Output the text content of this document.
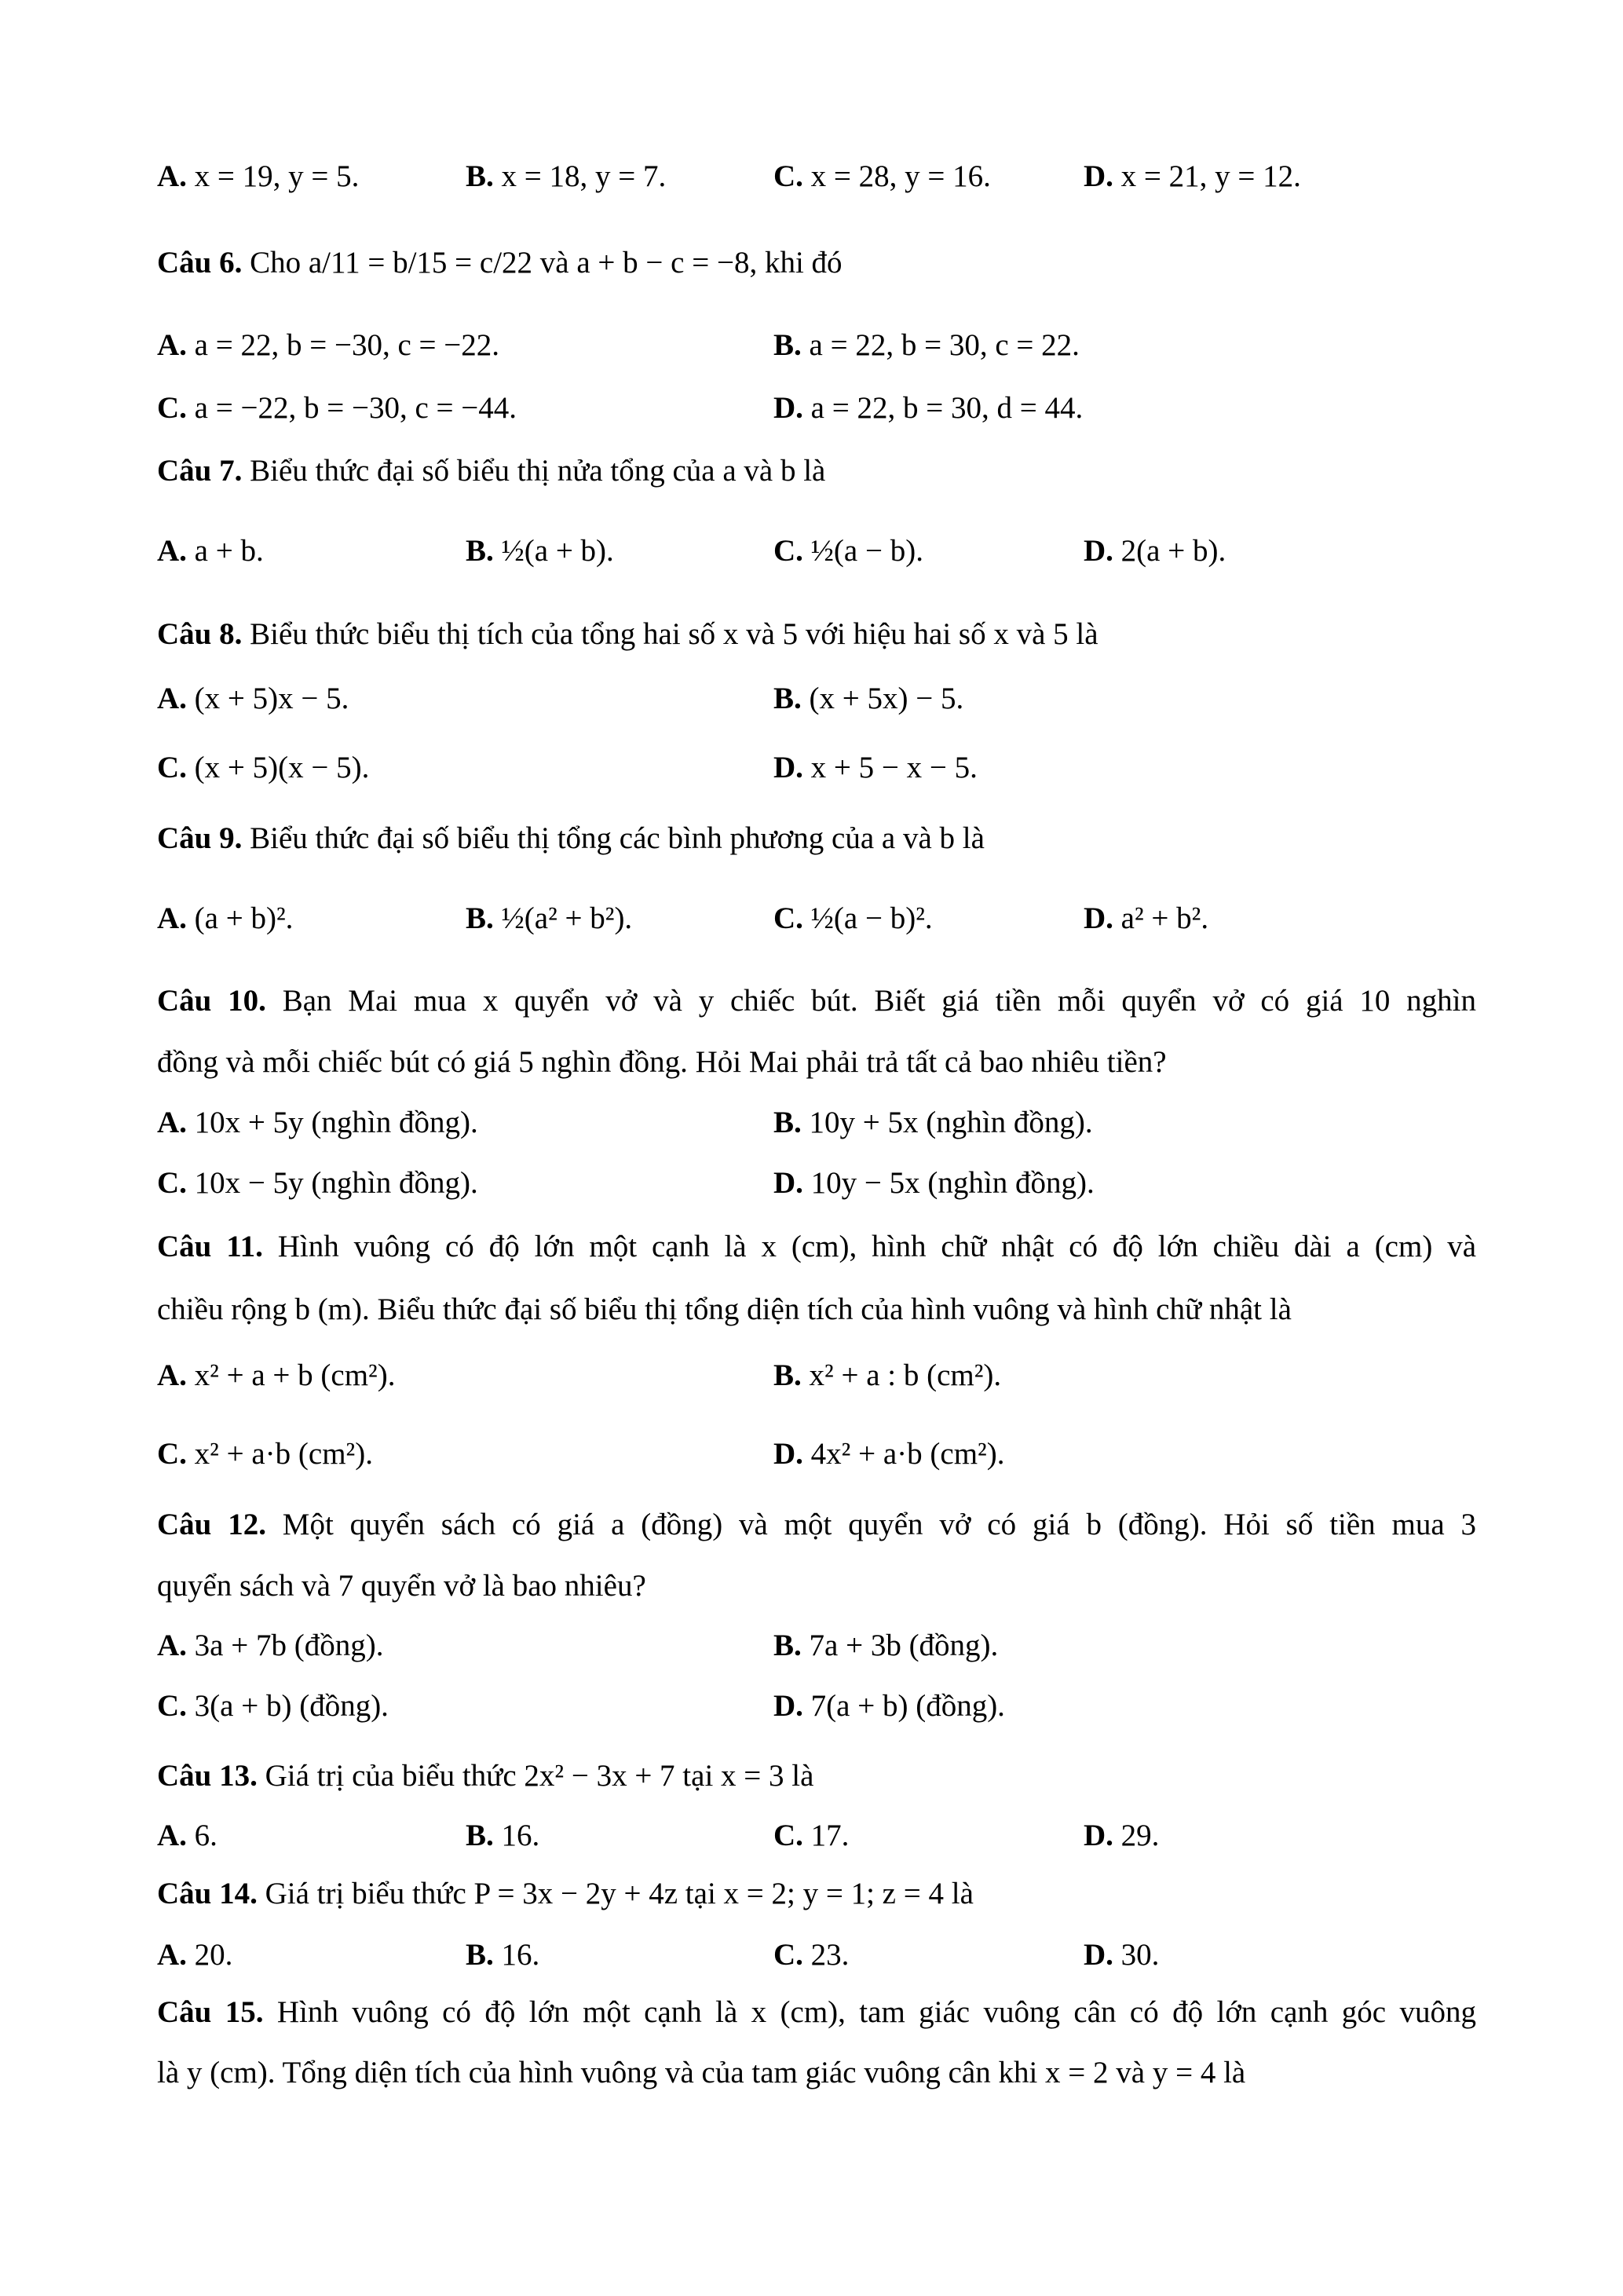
A. x = 19, y = 5.	B. x = 18, y = 7.	C. x = 28, y = 16.	D. x = 21, y = 12.
Câu 6. Cho a/11 = b/15 = c/22 và a + b − c = −8, khi đó
A. a = 22, b = −30, c = −22.	B. a = 22, b = 30, c = 22.
C. a = −22, b = −30, c = −44.	D. a = 22, b = 30, d = 44.
Câu 7. Biểu thức đại số biểu thị nửa tổng của a và b là
A. a + b.	B. ½(a + b).	C. ½(a − b).	D. 2(a + b).
Câu 8. Biểu thức biểu thị tích của tổng hai số x và 5 với hiệu hai số x và 5 là
A. (x + 5)x − 5.	B. (x + 5x) − 5.
C. (x + 5)(x − 5).	D. x + 5 − x − 5.
Câu 9. Biểu thức đại số biểu thị tổng các bình phương của a và b là
A. (a + b)².	B. ½(a² + b²).	C. ½(a − b)².	D. a² + b².
Câu 10. Bạn Mai mua x quyển vở và y chiếc bút. Biết giá tiền mỗi quyển vở có giá 10 nghìn
đồng và mỗi chiếc bút có giá 5 nghìn đồng. Hỏi Mai phải trả tất cả bao nhiêu tiền?
A. 10x + 5y (nghìn đồng).	B. 10y + 5x (nghìn đồng).
C. 10x − 5y (nghìn đồng).	D. 10y − 5x (nghìn đồng).
Câu 11. Hình vuông có độ lớn một cạnh là x (cm), hình chữ nhật có độ lớn chiều dài a (cm) và
chiều rộng b (m). Biểu thức đại số biểu thị tổng diện tích của hình vuông và hình chữ nhật là
A. x² + a + b (cm²).	B. x² + a : b (cm²).
C. x² + a·b (cm²).	D. 4x² + a·b (cm²).
Câu 12. Một quyển sách có giá a (đồng) và một quyển vở có giá b (đồng). Hỏi số tiền mua 3
quyển sách và 7 quyển vở là bao nhiêu?
A. 3a + 7b (đồng).	B. 7a + 3b (đồng).
C. 3(a + b) (đồng).	D. 7(a + b) (đồng).
Câu 13. Giá trị của biểu thức 2x² − 3x + 7 tại x = 3 là
A. 6.	B. 16.	C. 17.	D. 29.
Câu 14. Giá trị biểu thức P = 3x − 2y + 4z tại x = 2; y = 1; z = 4 là
A. 20.	B. 16.	C. 23.	D. 30.
Câu 15. Hình vuông có độ lớn một cạnh là x (cm), tam giác vuông cân có độ lớn cạnh góc vuông
là y (cm). Tổng diện tích của hình vuông và của tam giác vuông cân khi x = 2 và y = 4 là
